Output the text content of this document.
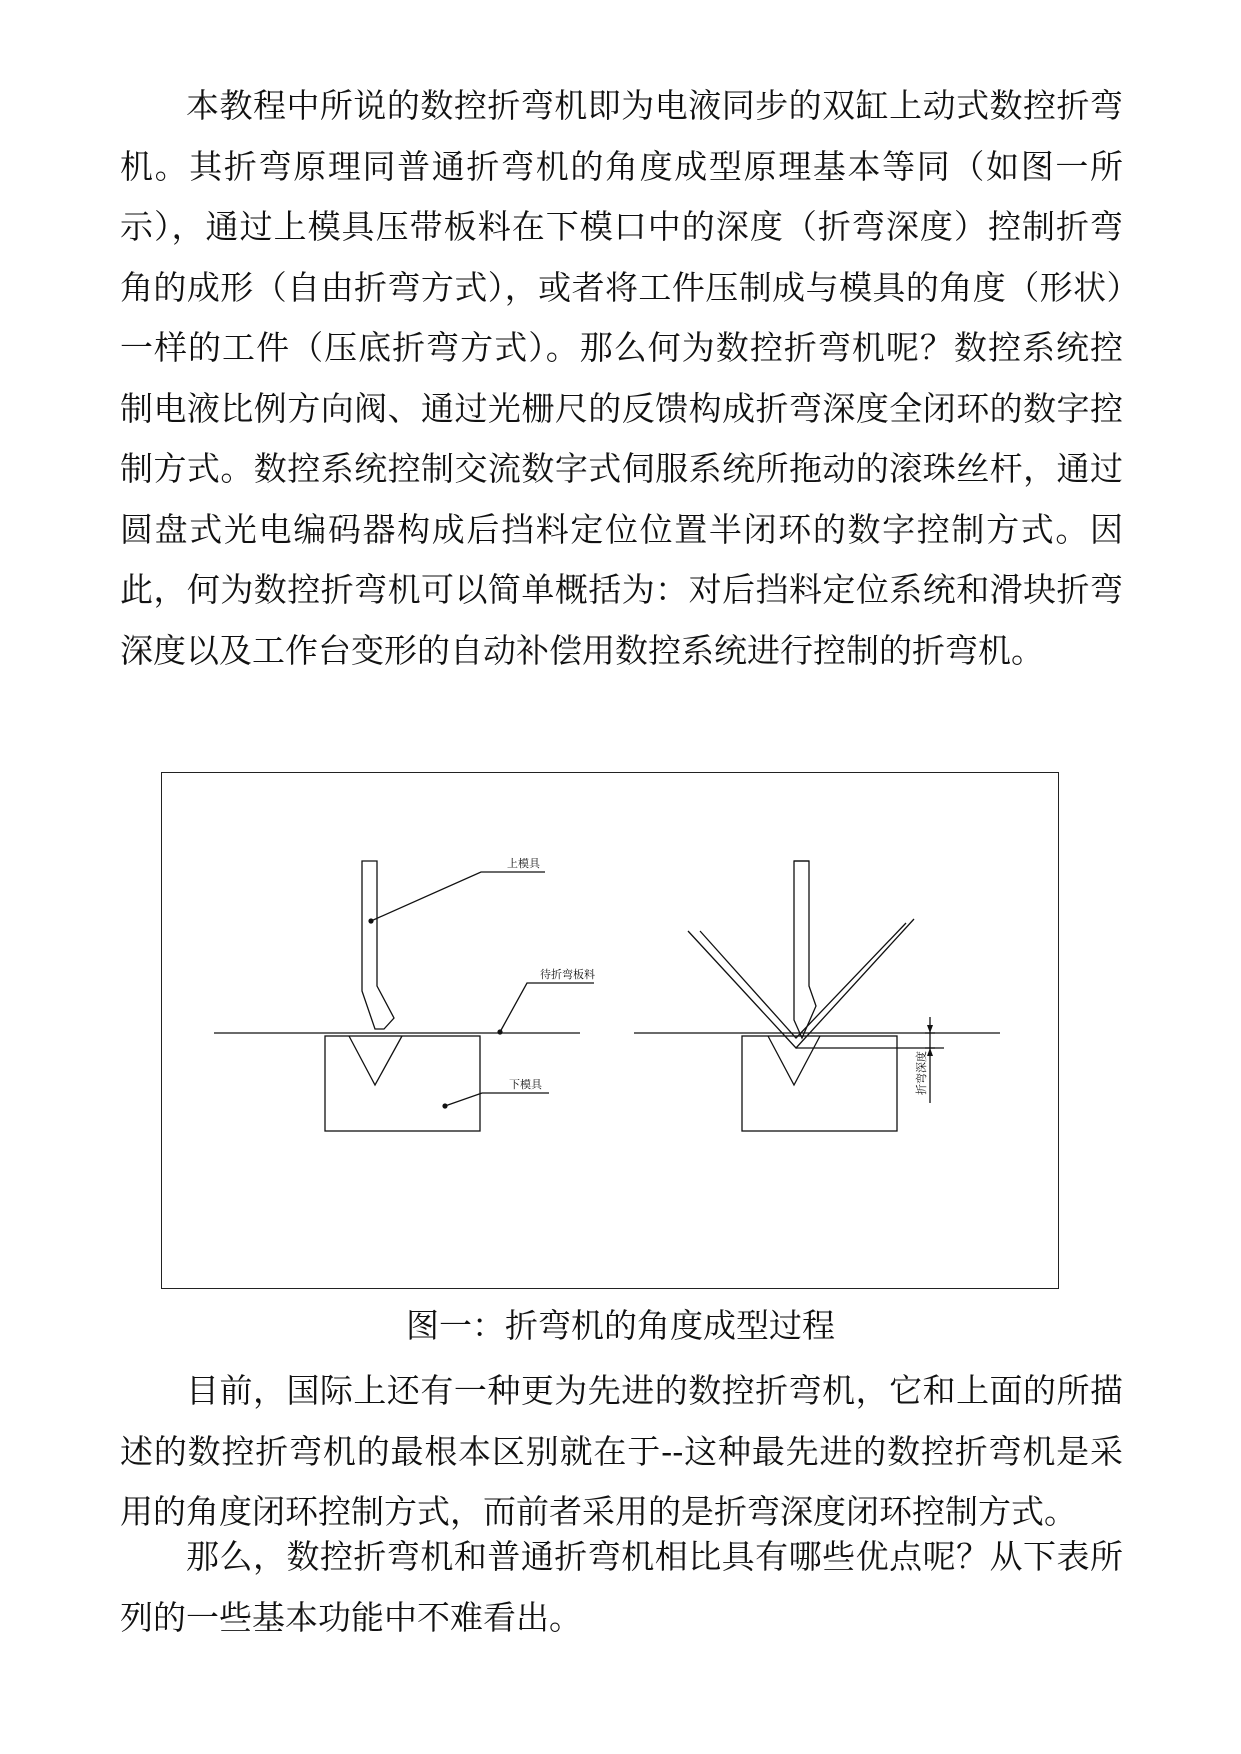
本教程中所说的数控折弯机即为电液同步的双缸上动式数控折弯机。其折弯原理同普通折弯机的角度成型原理基本等同（如图一所示），通过上模具压带板料在下模口中的深度（折弯深度）控制折弯角的成形（自由折弯方式），或者将工件压制成与模具的角度（形状）一样的工件（压底折弯方式）。那么何为数控折弯机呢？数控系统控制电液比例方向阀、通过光栅尺的反馈构成折弯深度全闭环的数字控制方式。数控系统控制交流数字式伺服系统所拖动的滚珠丝杆，通过圆盘式光电编码器构成后挡料定位位置半闭环的数字控制方式。因此，何为数控折弯机可以简单概括为：对后挡料定位系统和滑块折弯深度以及工作台变形的自动补偿用数控系统进行控制的折弯机。
上模具
待折弯板料
下模具	折弯深度
图一：折弯机的角度成型过程
目前，国际上还有一种更为先进的数控折弯机，它和上面的所描述的数控折弯机的最根本区别就在于--这种最先进的数控折弯机是采用的角度闭环控制方式，而前者采用的是折弯深度闭环控制方式。
那么，数控折弯机和普通折弯机相比具有哪些优点呢？从下表所列的一些基本功能中不难看出。
